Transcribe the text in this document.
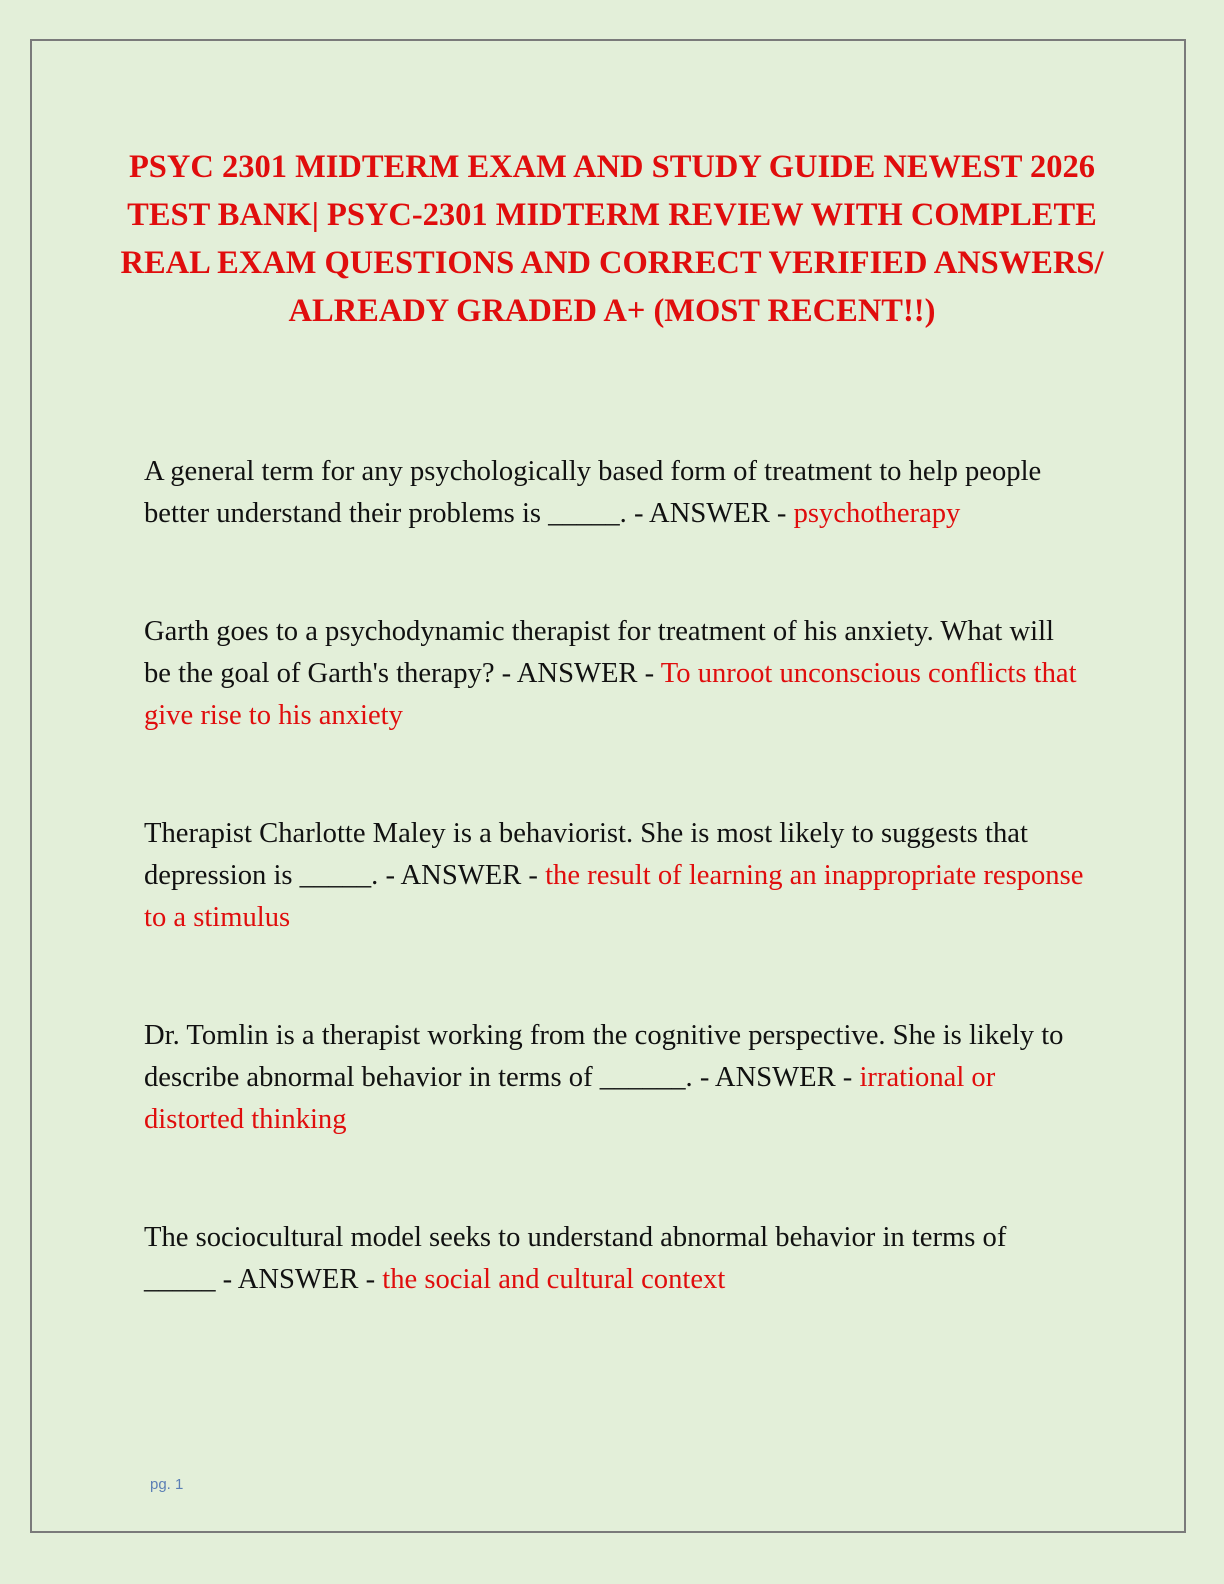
PSYC 2301 MIDTERM EXAM AND STUDY GUIDE NEWEST 2026 TEST BANK| PSYC-2301 MIDTERM REVIEW WITH COMPLETE REAL EXAM QUESTIONS AND CORRECT VERIFIED ANSWERS/ ALREADY GRADED A+ (MOST RECENT!!)
A general term for any psychologically based form of treatment to help people better understand their problems is _____. - ANSWER - psychotherapy
Garth goes to a psychodynamic therapist for treatment of his anxiety. What will be the goal of Garth's therapy? - ANSWER - To unroot unconscious conflicts that give rise to his anxiety
Therapist Charlotte Maley is a behaviorist. She is most likely to suggests that depression is _____. - ANSWER - the result of learning an inappropriate response to a stimulus
Dr. Tomlin is a therapist working from the cognitive perspective. She is likely to describe abnormal behavior in terms of ______. - ANSWER - irrational or distorted thinking
The sociocultural model seeks to understand abnormal behavior in terms of _____ - ANSWER - the social and cultural context
pg. 1
